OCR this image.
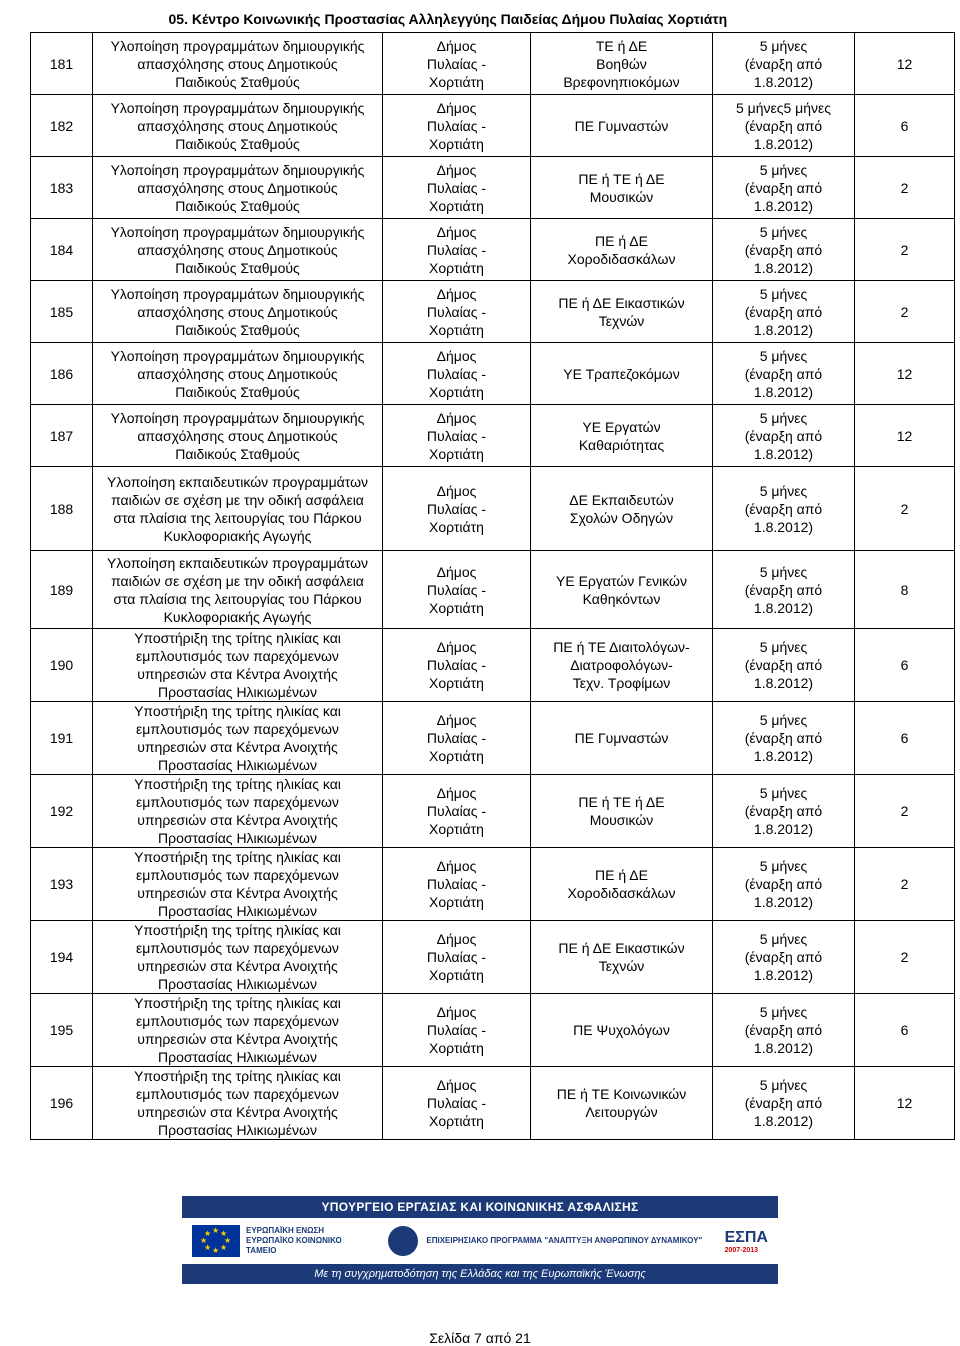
05. Κέντρο Κοινωνικής Προστασίας Αλληλεγγύης Παιδείας Δήμου Πυλαίας Χορτιάτη					
181	Υλοποίηση προγραμμάτων δημιουργικής
απασχόλησης στους Δημοτικούς
Παιδικούς Σταθμούς	Δήμος
Πυλαίας -
Χορτιάτη	ΤΕ ή ΔΕ
Βοηθών
Βρεφονηπιοκόμων	5 μήνες
(έναρξη από
1.8.2012)	12
182	Υλοποίηση προγραμμάτων δημιουργικής
απασχόλησης στους Δημοτικούς
Παιδικούς Σταθμούς	Δήμος
Πυλαίας -
Χορτιάτη	ΠΕ Γυμναστών	5 μήνες5 μήνες
(έναρξη από
1.8.2012)	6
183	Υλοποίηση προγραμμάτων δημιουργικής
απασχόλησης στους Δημοτικούς
Παιδικούς Σταθμούς	Δήμος
Πυλαίας -
Χορτιάτη	ΠΕ ή ΤΕ ή ΔΕ
Μουσικών	5 μήνες
(έναρξη από
1.8.2012)	2
184	Υλοποίηση προγραμμάτων δημιουργικής
απασχόλησης στους Δημοτικούς
Παιδικούς Σταθμούς	Δήμος
Πυλαίας -
Χορτιάτη	ΠΕ ή ΔΕ
Χοροδιδασκάλων	5 μήνες
(έναρξη από
1.8.2012)	2
185	Υλοποίηση προγραμμάτων δημιουργικής
απασχόλησης στους Δημοτικούς
Παιδικούς Σταθμούς	Δήμος
Πυλαίας -
Χορτιάτη	ΠΕ ή ΔΕ Εικαστικών
Τεχνών	5 μήνες
(έναρξη από
1.8.2012)	2
186	Υλοποίηση προγραμμάτων δημιουργικής
απασχόλησης στους Δημοτικούς
Παιδικούς Σταθμούς	Δήμος
Πυλαίας -
Χορτιάτη	ΥΕ Τραπεζοκόμων	5 μήνες
(έναρξη από
1.8.2012)	12
187	Υλοποίηση προγραμμάτων δημιουργικής
απασχόλησης στους Δημοτικούς
Παιδικούς Σταθμούς	Δήμος
Πυλαίας -
Χορτιάτη	ΥΕ Εργατών
Καθαριότητας	5 μήνες
(έναρξη από
1.8.2012)	12
188	Υλοποίηση εκπαιδευτικών προγραμμάτων
παιδιών σε σχέση με την οδική ασφάλεια
στα πλαίσια της λειτουργίας του Πάρκου
Κυκλοφοριακής Αγωγής	Δήμος
Πυλαίας -
Χορτιάτη	ΔΕ Εκπαιδευτών
Σχολών Οδηγών	5 μήνες
(έναρξη από
1.8.2012)	2
189	Υλοποίηση εκπαιδευτικών προγραμμάτων
παιδιών σε σχέση με την οδική ασφάλεια
στα πλαίσια της λειτουργίας του Πάρκου
Κυκλοφοριακής Αγωγής	Δήμος
Πυλαίας -
Χορτιάτη	ΥΕ Εργατών Γενικών
Καθηκόντων	5 μήνες
(έναρξη από
1.8.2012)	8
190	Υποστήριξη της τρίτης ηλικίας και
εμπλουτισμός των παρεχόμενων
υπηρεσιών στα Κέντρα Ανοιχτής
Προστασίας Ηλικιωμένων	Δήμος
Πυλαίας -
Χορτιάτη	ΠΕ ή ΤΕ Διαιτολόγων-
Διατροφολόγων-
Τεχν. Τροφίμων	5 μήνες
(έναρξη από
1.8.2012)	6
191	Υποστήριξη της τρίτης ηλικίας και
εμπλουτισμός των παρεχόμενων
υπηρεσιών στα Κέντρα Ανοιχτής
Προστασίας Ηλικιωμένων	Δήμος
Πυλαίας -
Χορτιάτη	ΠΕ Γυμναστών	5 μήνες
(έναρξη από
1.8.2012)	6
192	Υποστήριξη της τρίτης ηλικίας και
εμπλουτισμός των παρεχόμενων
υπηρεσιών στα Κέντρα Ανοιχτής
Προστασίας Ηλικιωμένων	Δήμος
Πυλαίας -
Χορτιάτη	ΠΕ ή ΤΕ ή ΔΕ
Μουσικών	5 μήνες
(έναρξη από
1.8.2012)	2
193	Υποστήριξη της τρίτης ηλικίας και
εμπλουτισμός των παρεχόμενων
υπηρεσιών στα Κέντρα Ανοιχτής
Προστασίας Ηλικιωμένων	Δήμος
Πυλαίας -
Χορτιάτη	ΠΕ ή ΔΕ
Χοροδιδασκάλων	5 μήνες
(έναρξη από
1.8.2012)	2
194	Υποστήριξη της τρίτης ηλικίας και
εμπλουτισμός των παρεχόμενων
υπηρεσιών στα Κέντρα Ανοιχτής
Προστασίας Ηλικιωμένων	Δήμος
Πυλαίας -
Χορτιάτη	ΠΕ ή ΔΕ Εικαστικών
Τεχνών	5 μήνες
(έναρξη από
1.8.2012)	2
195	Υποστήριξη της τρίτης ηλικίας και
εμπλουτισμός των παρεχόμενων
υπηρεσιών στα Κέντρα Ανοιχτής
Προστασίας Ηλικιωμένων	Δήμος
Πυλαίας -
Χορτιάτη	ΠΕ Ψυχολόγων	5 μήνες
(έναρξη από
1.8.2012)	6
196	Υποστήριξη της τρίτης ηλικίας και
εμπλουτισμός των παρεχόμενων
υπηρεσιών στα Κέντρα Ανοιχτής
Προστασίας Ηλικιωμένων	Δήμος
Πυλαίας -
Χορτιάτη	ΠΕ ή ΤΕ Κοινωνικών
Λειτουργών	5 μήνες
(έναρξη από
1.8.2012)	12
ΥΠΟΥΡΓΕΙΟ ΕΡΓΑΣΙΑΣ ΚΑΙ ΚΟΙΝΩΝΙΚΗΣ ΑΣΦΑΛΙΣΗΣ
★ ★
★
★
★
★
★
★	ΕΥΡΩΠΑΪΚΗ ΕΝΩΣΗ ΕΥΡΩΠΑΪΚΟ ΚΟΙΝΩΝΙΚΟ ΤΑΜΕΙΟ
ΕΠΙΧΕΙΡΗΣΙΑΚΟ ΠΡΟΓΡΑΜΜΑ "ΑΝΑΠΤΥΞΗ ΑΝΘΡΩΠΙΝΟΥ ΔΥΝΑΜΙΚΟΥ" ΕΣΠΑ
2007-2013
Με τη συγχρηματοδότηση της Ελλάδας και της Ευρωπαϊκής Ένωσης
Σελίδα 7 από 21
